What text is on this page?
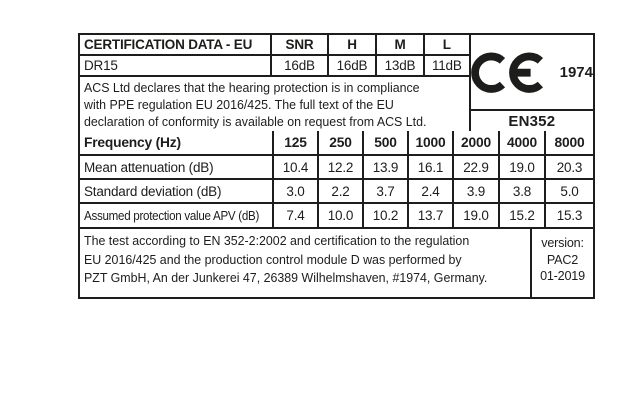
CERTIFICATION DATA - EU	SNR	H	M	L
DR15	16dB	16dB	13dB	11dB
ACS Ltd declares that the hearing protection is in compliance
with PPE regulation EU 2016/425. The full text of the EU
declaration of conformity is available on request from ACS Ltd.
1974
EN352
Frequency (Hz)	125	250	500	1000	2000	4000	8000
Mean attenuation (dB)	10.4	12.2	13.9	16.1	22.9	19.0	20.3
Standard deviation (dB)	3.0	2.2	3.7	2.4	3.9	3.8	5.0
Assumed protection value APV (dB)	7.4	10.0	10.2	13.7	19.0	15.2	15.3
The test according to EN 352-2:2002 and certification to the regulation
EU 2016/425 and the production control module D was performed by
PZT GmbH, An der Junkerei 47, 26389 Wilhelmshaven, #1974, Germany.
version:
PAC2
01-2019
